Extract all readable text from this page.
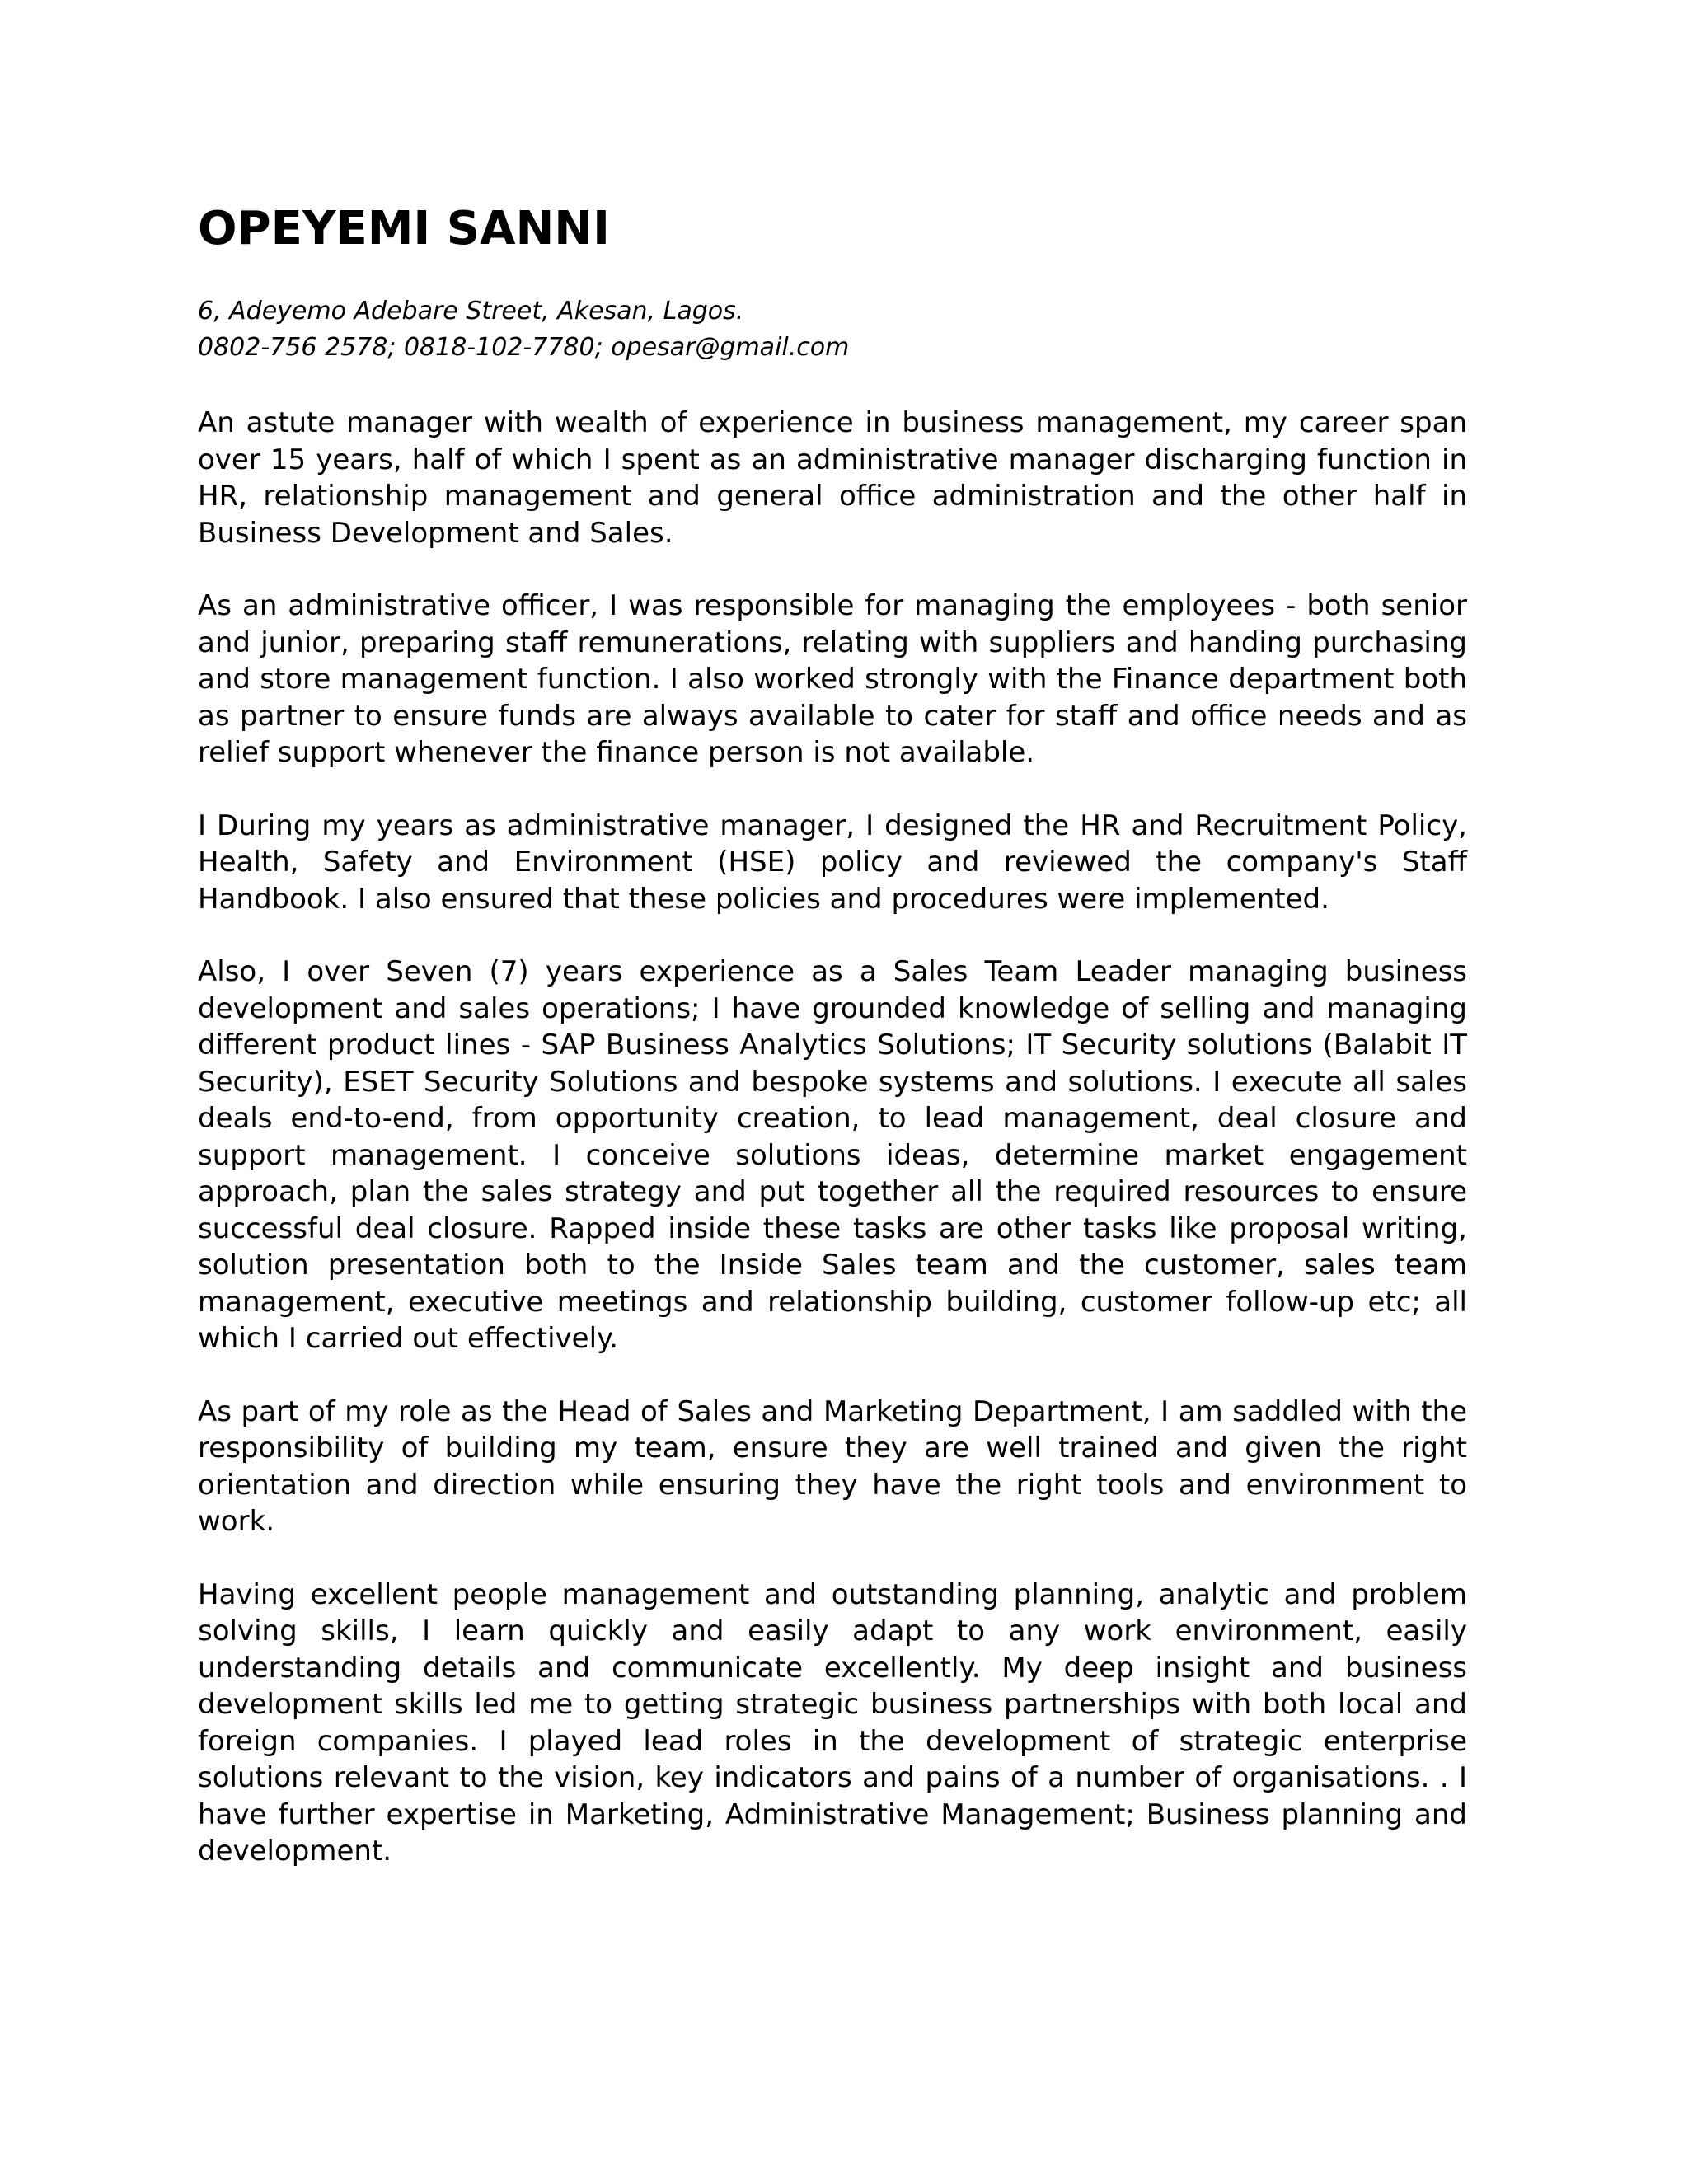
OPEYEMI SANNI
6, Adeyemo Adebare Street, Akesan, Lagos.
0802-756 2578; 0818-102-7780; opesar@gmail.com

An astute manager with wealth of experience in business management, my career span over 15 years, half of which I spent as an administrative manager discharging function in HR, relationship management and general office administration and the other half in Business Development and Sales.

As an administrative officer, I was responsible for managing the employees - both senior and junior, preparing staff remunerations, relating with suppliers and handing purchasing and store management function. I also worked strongly with the Finance department both as partner to ensure funds are always available to cater for staff and office needs and as relief support whenever the finance person is not available.

I During my years as administrative manager, I designed the HR and Recruitment Policy, Health, Safety and Environment (HSE) policy and reviewed the company's Staff Handbook. I also ensured that these policies and procedures were implemented.

Also, I over Seven (7) years experience as a Sales Team Leader managing business development and sales operations; I have grounded knowledge of selling and managing different product lines - SAP Business Analytics Solutions; IT Security solutions (Balabit IT Security), ESET Security Solutions and bespoke systems and solutions. I execute all sales deals end-to-end, from opportunity creation, to lead management, deal closure and support management. I conceive solutions ideas, determine market engagement approach, plan the sales strategy and put together all the required resources to ensure successful deal closure. Rapped inside these tasks are other tasks like proposal writing, solution presentation both to the Inside Sales team and the customer, sales team management, executive meetings and relationship building, customer follow-up etc; all which I carried out effectively.

As part of my role as the Head of Sales and Marketing Department, I am saddled with the responsibility of building my team, ensure they are well trained and given the right orientation and direction while ensuring they have the right tools and environment to work.

Having excellent people management and outstanding planning, analytic and problem solving skills, I learn quickly and easily adapt to any work environment, easily understanding details and communicate excellently. My deep insight and business development skills led me to getting strategic business partnerships with both local and foreign companies. I played lead roles in the development of strategic enterprise solutions relevant to the vision, key indicators and pains of a number of organisations. . I have further expertise in Marketing, Administrative Management; Business planning and development.
